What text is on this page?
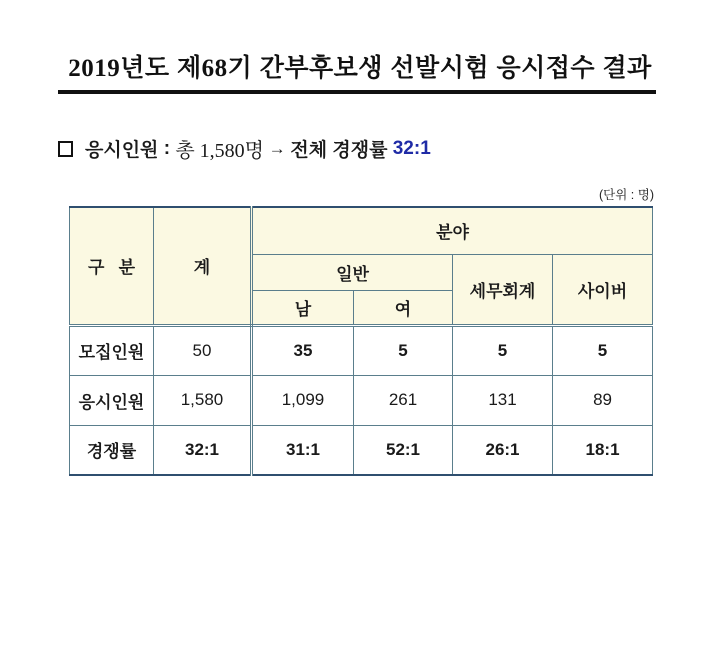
2019년도 제68기 간부후보생 선발시험 응시접수 결과
응시인원 : 총 1,580명 → 전체 경쟁률 32:1
(단위 : 명)
구   분	계	분야			
		일반		세무회계	사이버
		남	여		
모집인원	50	35	5	5	5
응시인원	1,580	1,099	261	131	89
경쟁률	32:1	31:1	52:1	26:1	18:1
